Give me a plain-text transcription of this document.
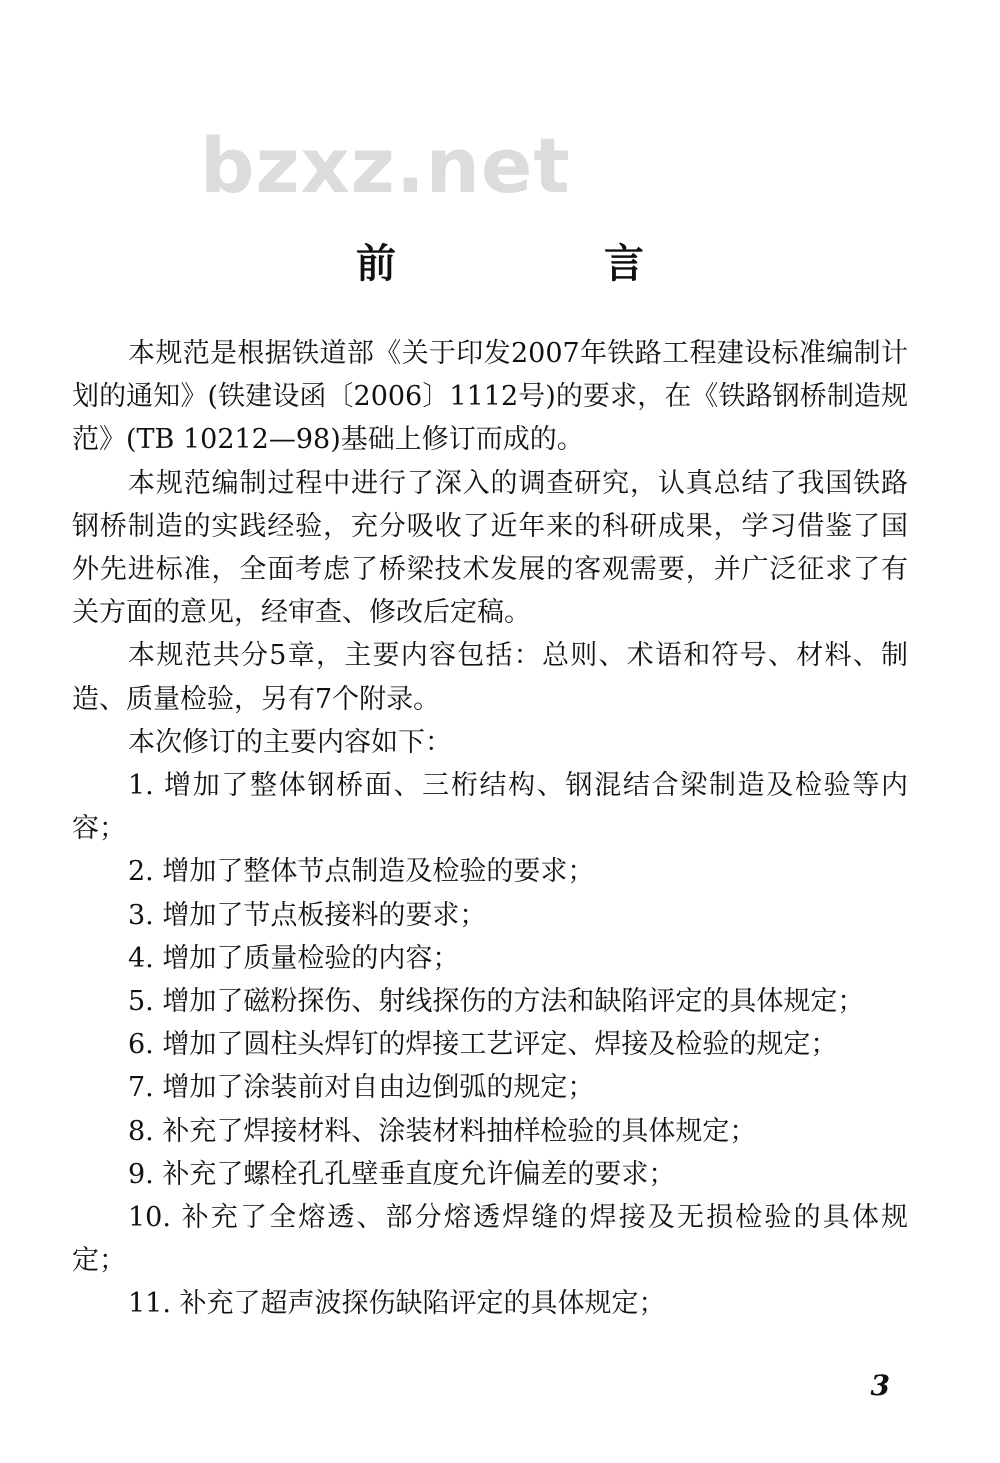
bzxz.net
前　言

本规范是根据铁道部《关于印发2007年铁路工程建设标准编制计划的通知》(铁建设函〔2006〕1112号)的要求，在《铁路钢桥制造规范》(TB 10212—98)基础上修订而成的。

本规范编制过程中进行了深入的调查研究，认真总结了我国铁路钢桥制造的实践经验，充分吸收了近年来的科研成果，学习借鉴了国外先进标准，全面考虑了桥梁技术发展的客观需要，并广泛征求了有关方面的意见，经审查、修改后定稿。

本规范共分5章，主要内容包括：总则、术语和符号、材料、制造、质量检验，另有7个附录。

本次修订的主要内容如下：

1. 增加了整体钢桥面、三桁结构、钢混结合梁制造及检验等内容；

2. 增加了整体节点制造及检验的要求；

3. 增加了节点板接料的要求；

4. 增加了质量检验的内容；

5. 增加了磁粉探伤、射线探伤的方法和缺陷评定的具体规定；

6. 增加了圆柱头焊钉的焊接工艺评定、焊接及检验的规定；

7. 增加了涂装前对自由边倒弧的规定；

8. 补充了焊接材料、涂装材料抽样检验的具体规定；

9. 补充了螺栓孔孔壁垂直度允许偏差的要求；

10. 补充了全熔透、部分熔透焊缝的焊接及无损检验的具体规定；

11. 补充了超声波探伤缺陷评定的具体规定；

3
